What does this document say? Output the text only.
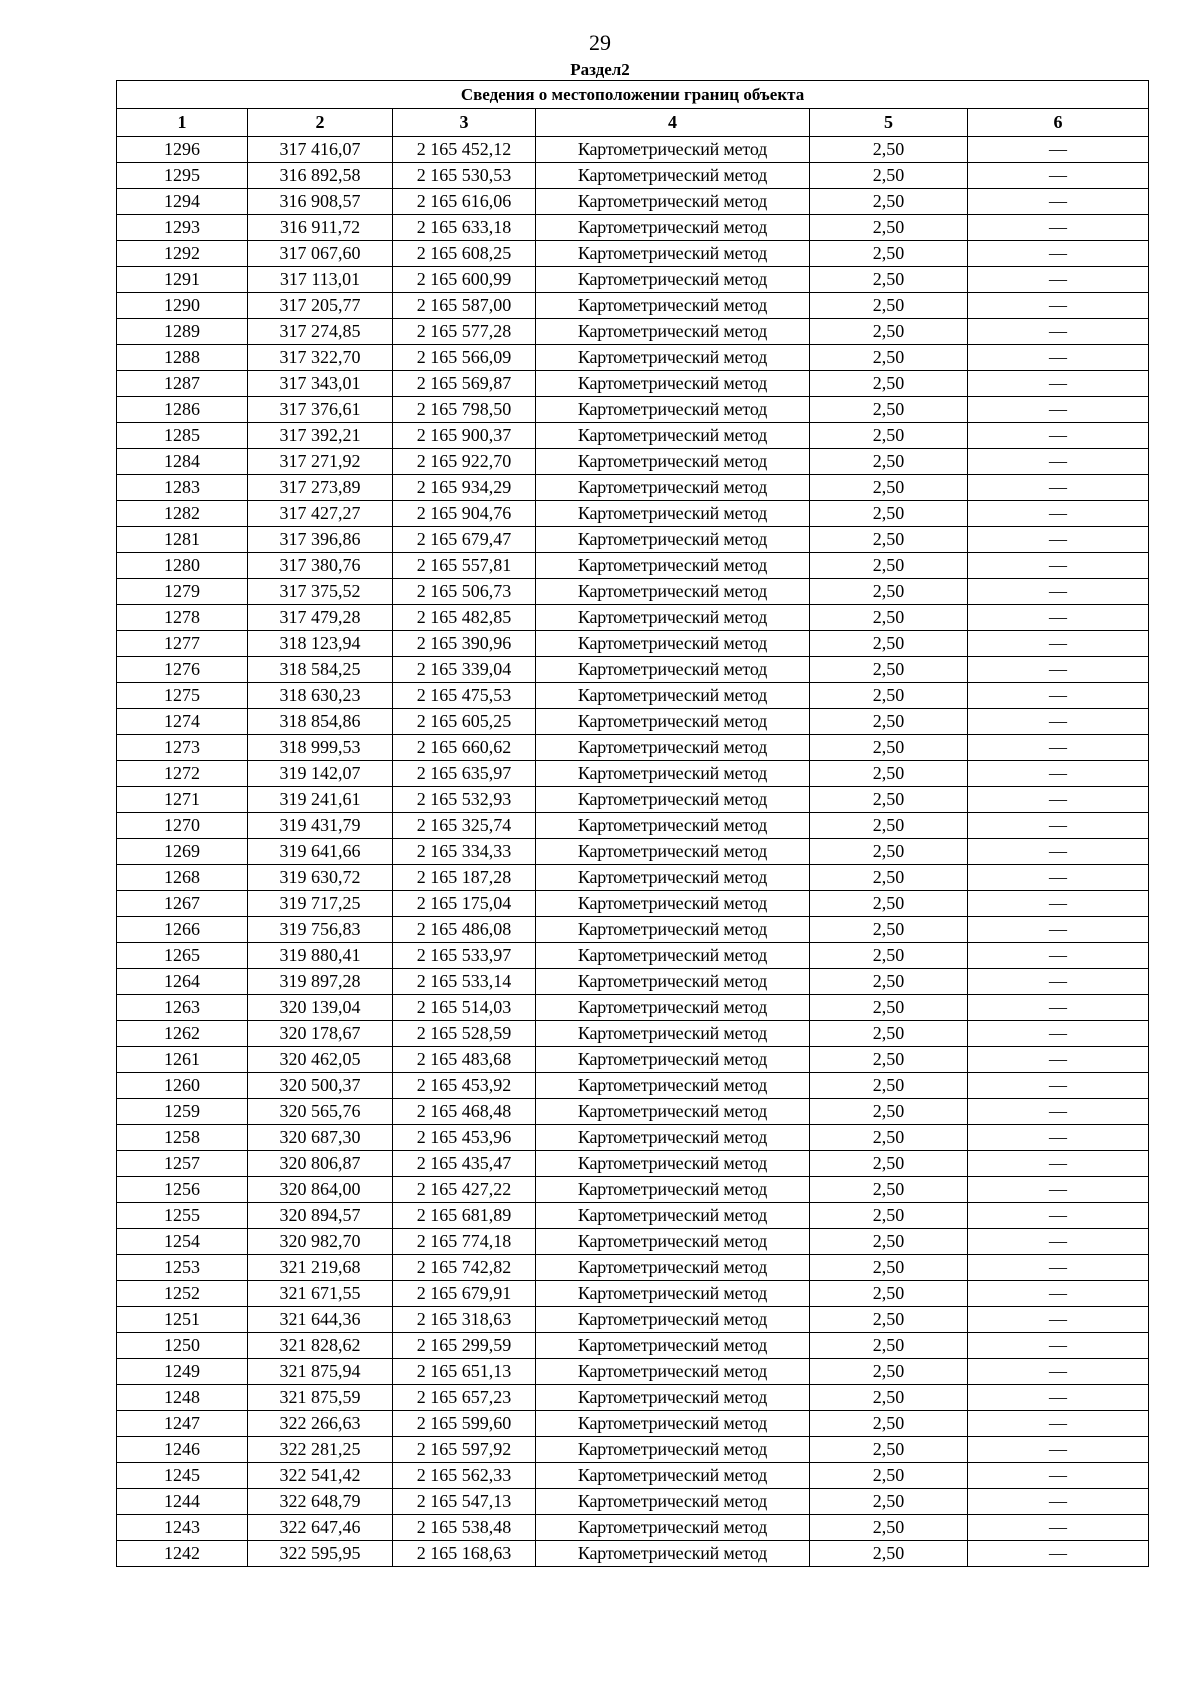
29
Раздел2
Сведения о местоположении границ объекта					
1	2	3	4	5	6
1296	317 416,07	2 165 452,12	Картометрический метод	2,50	—
1295	316 892,58	2 165 530,53	Картометрический метод	2,50	—
1294	316 908,57	2 165 616,06	Картометрический метод	2,50	—
1293	316 911,72	2 165 633,18	Картометрический метод	2,50	—
1292	317 067,60	2 165 608,25	Картометрический метод	2,50	—
1291	317 113,01	2 165 600,99	Картометрический метод	2,50	—
1290	317 205,77	2 165 587,00	Картометрический метод	2,50	—
1289	317 274,85	2 165 577,28	Картометрический метод	2,50	—
1288	317 322,70	2 165 566,09	Картометрический метод	2,50	—
1287	317 343,01	2 165 569,87	Картометрический метод	2,50	—
1286	317 376,61	2 165 798,50	Картометрический метод	2,50	—
1285	317 392,21	2 165 900,37	Картометрический метод	2,50	—
1284	317 271,92	2 165 922,70	Картометрический метод	2,50	—
1283	317 273,89	2 165 934,29	Картометрический метод	2,50	—
1282	317 427,27	2 165 904,76	Картометрический метод	2,50	—
1281	317 396,86	2 165 679,47	Картометрический метод	2,50	—
1280	317 380,76	2 165 557,81	Картометрический метод	2,50	—
1279	317 375,52	2 165 506,73	Картометрический метод	2,50	—
1278	317 479,28	2 165 482,85	Картометрический метод	2,50	—
1277	318 123,94	2 165 390,96	Картометрический метод	2,50	—
1276	318 584,25	2 165 339,04	Картометрический метод	2,50	—
1275	318 630,23	2 165 475,53	Картометрический метод	2,50	—
1274	318 854,86	2 165 605,25	Картометрический метод	2,50	—
1273	318 999,53	2 165 660,62	Картометрический метод	2,50	—
1272	319 142,07	2 165 635,97	Картометрический метод	2,50	—
1271	319 241,61	2 165 532,93	Картометрический метод	2,50	—
1270	319 431,79	2 165 325,74	Картометрический метод	2,50	—
1269	319 641,66	2 165 334,33	Картометрический метод	2,50	—
1268	319 630,72	2 165 187,28	Картометрический метод	2,50	—
1267	319 717,25	2 165 175,04	Картометрический метод	2,50	—
1266	319 756,83	2 165 486,08	Картометрический метод	2,50	—
1265	319 880,41	2 165 533,97	Картометрический метод	2,50	—
1264	319 897,28	2 165 533,14	Картометрический метод	2,50	—
1263	320 139,04	2 165 514,03	Картометрический метод	2,50	—
1262	320 178,67	2 165 528,59	Картометрический метод	2,50	—
1261	320 462,05	2 165 483,68	Картометрический метод	2,50	—
1260	320 500,37	2 165 453,92	Картометрический метод	2,50	—
1259	320 565,76	2 165 468,48	Картометрический метод	2,50	—
1258	320 687,30	2 165 453,96	Картометрический метод	2,50	—
1257	320 806,87	2 165 435,47	Картометрический метод	2,50	—
1256	320 864,00	2 165 427,22	Картометрический метод	2,50	—
1255	320 894,57	2 165 681,89	Картометрический метод	2,50	—
1254	320 982,70	2 165 774,18	Картометрический метод	2,50	—
1253	321 219,68	2 165 742,82	Картометрический метод	2,50	—
1252	321 671,55	2 165 679,91	Картометрический метод	2,50	—
1251	321 644,36	2 165 318,63	Картометрический метод	2,50	—
1250	321 828,62	2 165 299,59	Картометрический метод	2,50	—
1249	321 875,94	2 165 651,13	Картометрический метод	2,50	—
1248	321 875,59	2 165 657,23	Картометрический метод	2,50	—
1247	322 266,63	2 165 599,60	Картометрический метод	2,50	—
1246	322 281,25	2 165 597,92	Картометрический метод	2,50	—
1245	322 541,42	2 165 562,33	Картометрический метод	2,50	—
1244	322 648,79	2 165 547,13	Картометрический метод	2,50	—
1243	322 647,46	2 165 538,48	Картометрический метод	2,50	—
1242	322 595,95	2 165 168,63	Картометрический метод	2,50	—
